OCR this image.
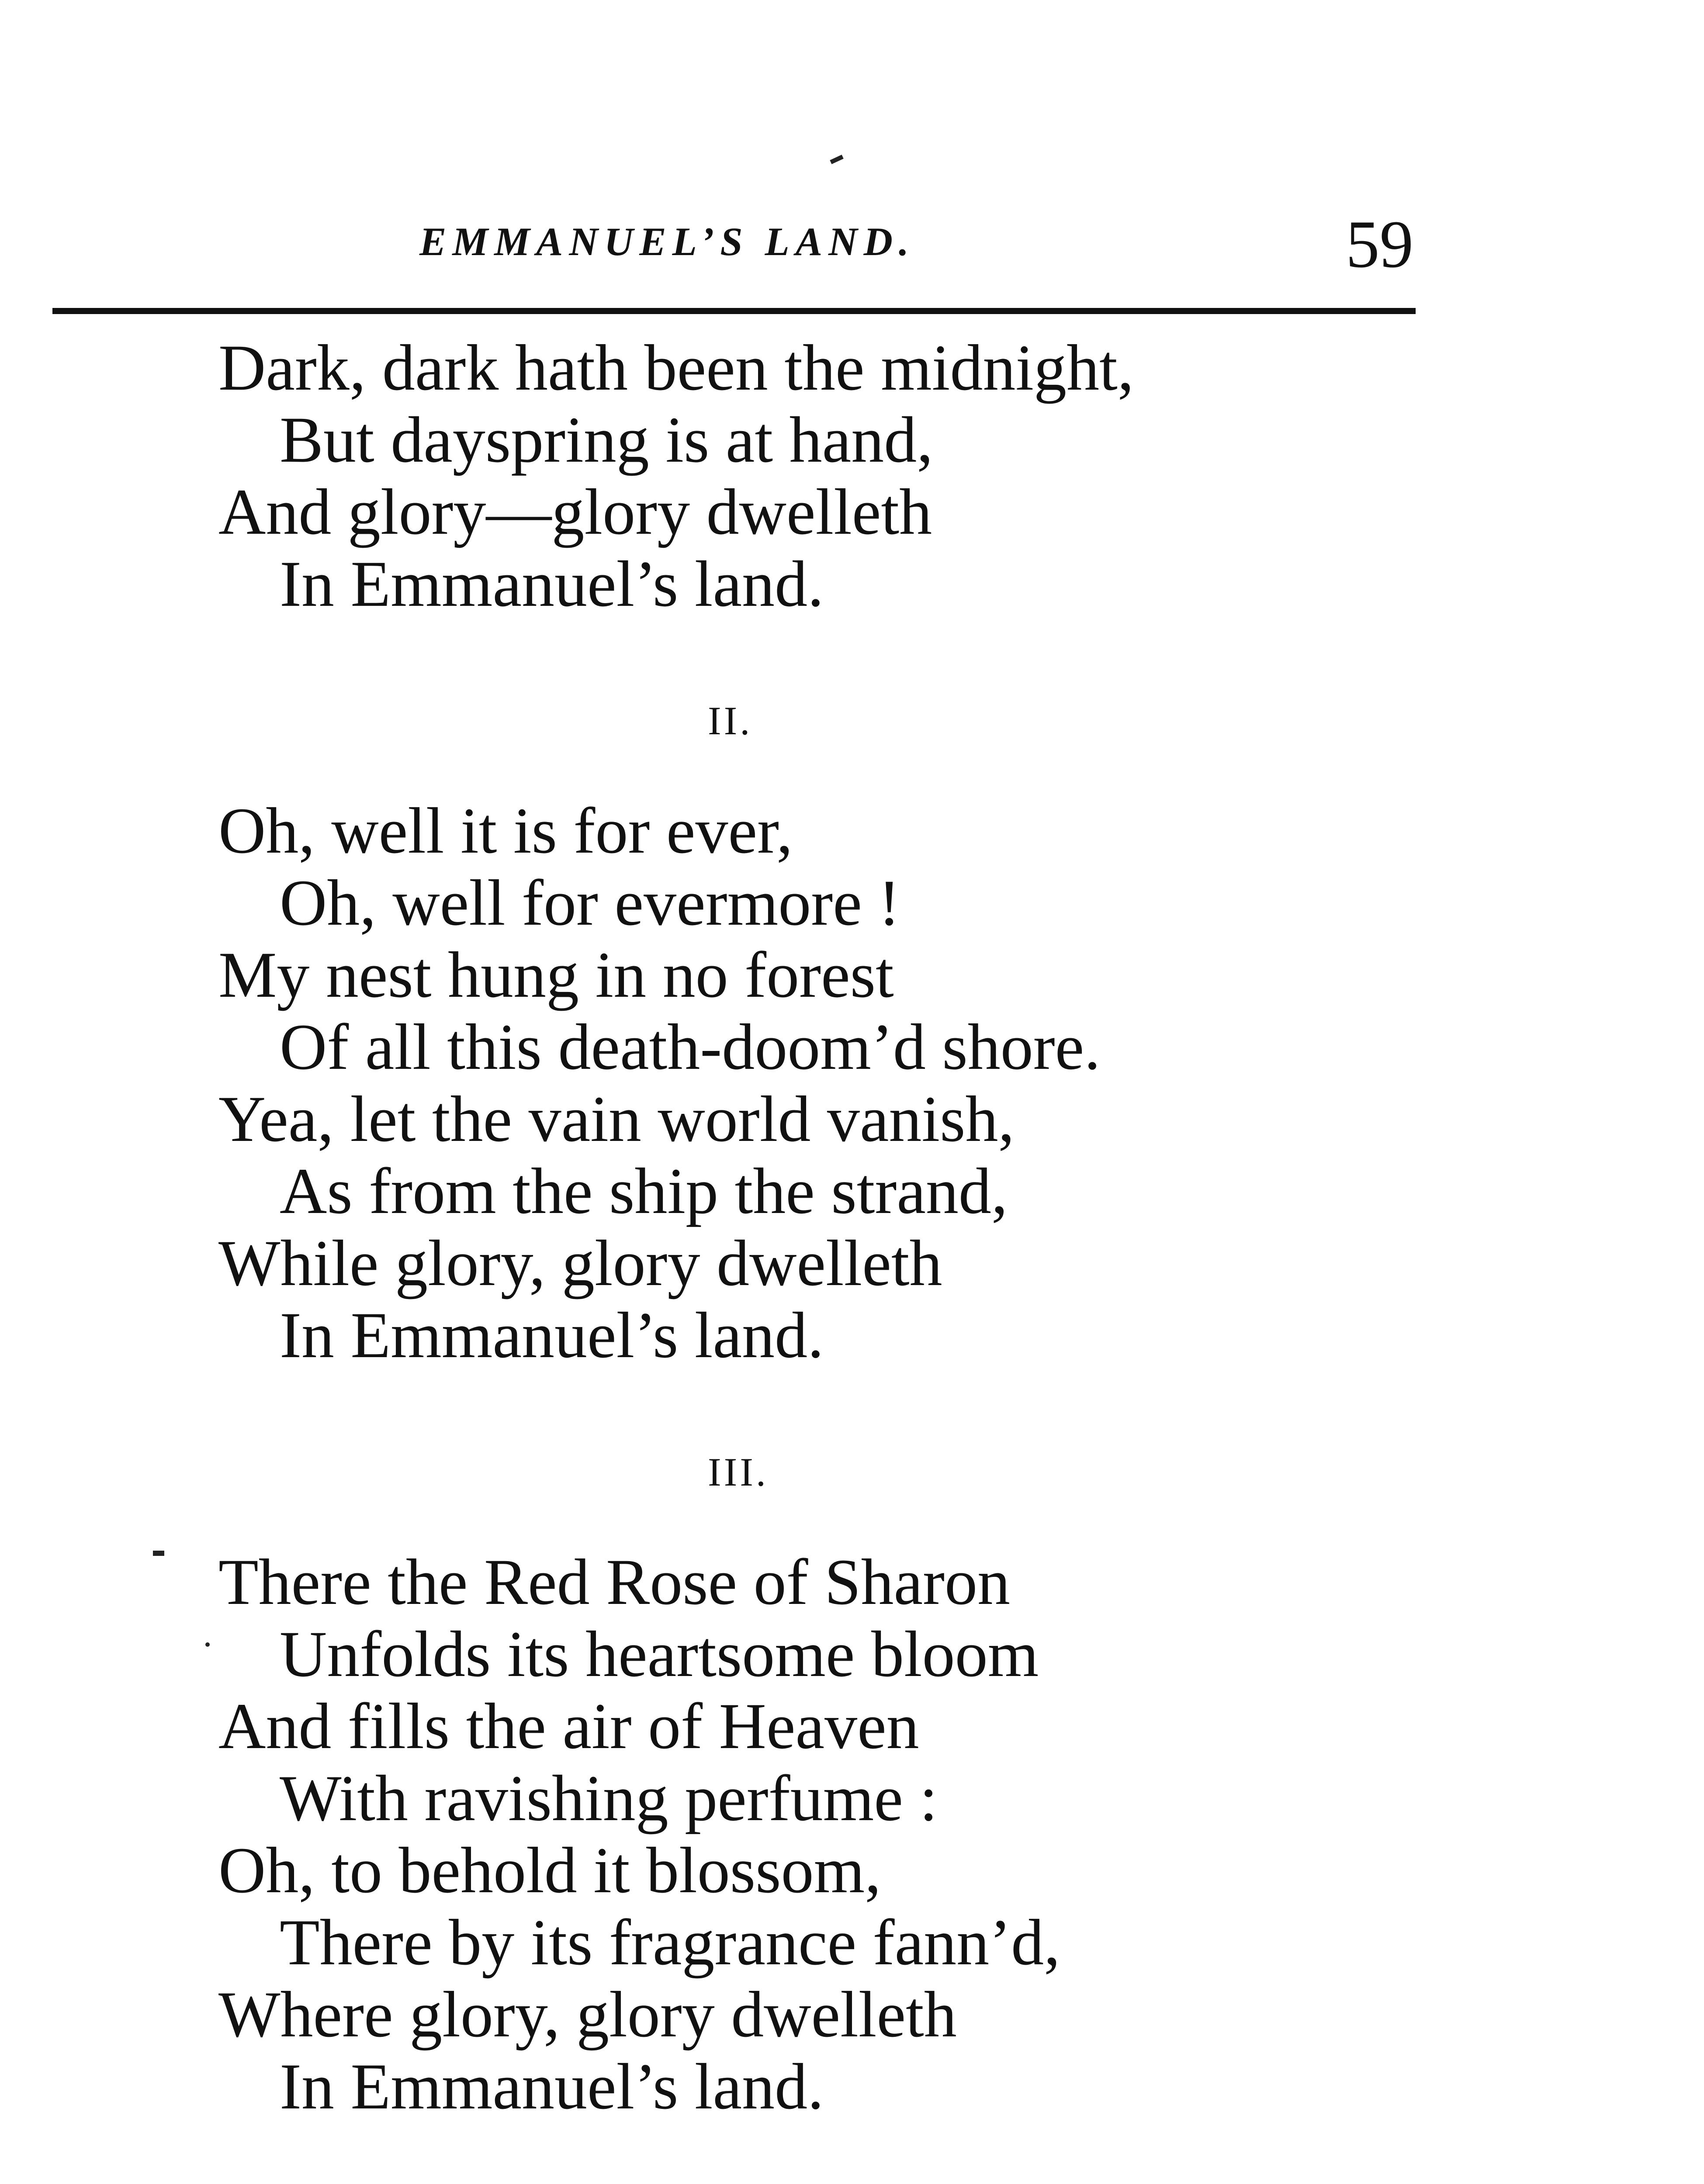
EMMANUEL’S LAND.	59
Dark, dark hath been the midnight,
But dayspring is at hand,
And glory—glory dwelleth
In Emmanuel’s land.
II.
Oh, well it is for ever,
Oh, well for evermore !
My nest hung in no forest
Of all this death-doom’d shore.
Yea, let the vain world vanish,
As from the ship the strand,
While glory, glory dwelleth
In Emmanuel’s land.
III.
There the Red Rose of Sharon
Unfolds its heartsome bloom
And fills the air of Heaven
With ravishing perfume :
Oh, to behold it blossom,
There by its fragrance fann’d,
Where glory, glory dwelleth
In Emmanuel’s land.
